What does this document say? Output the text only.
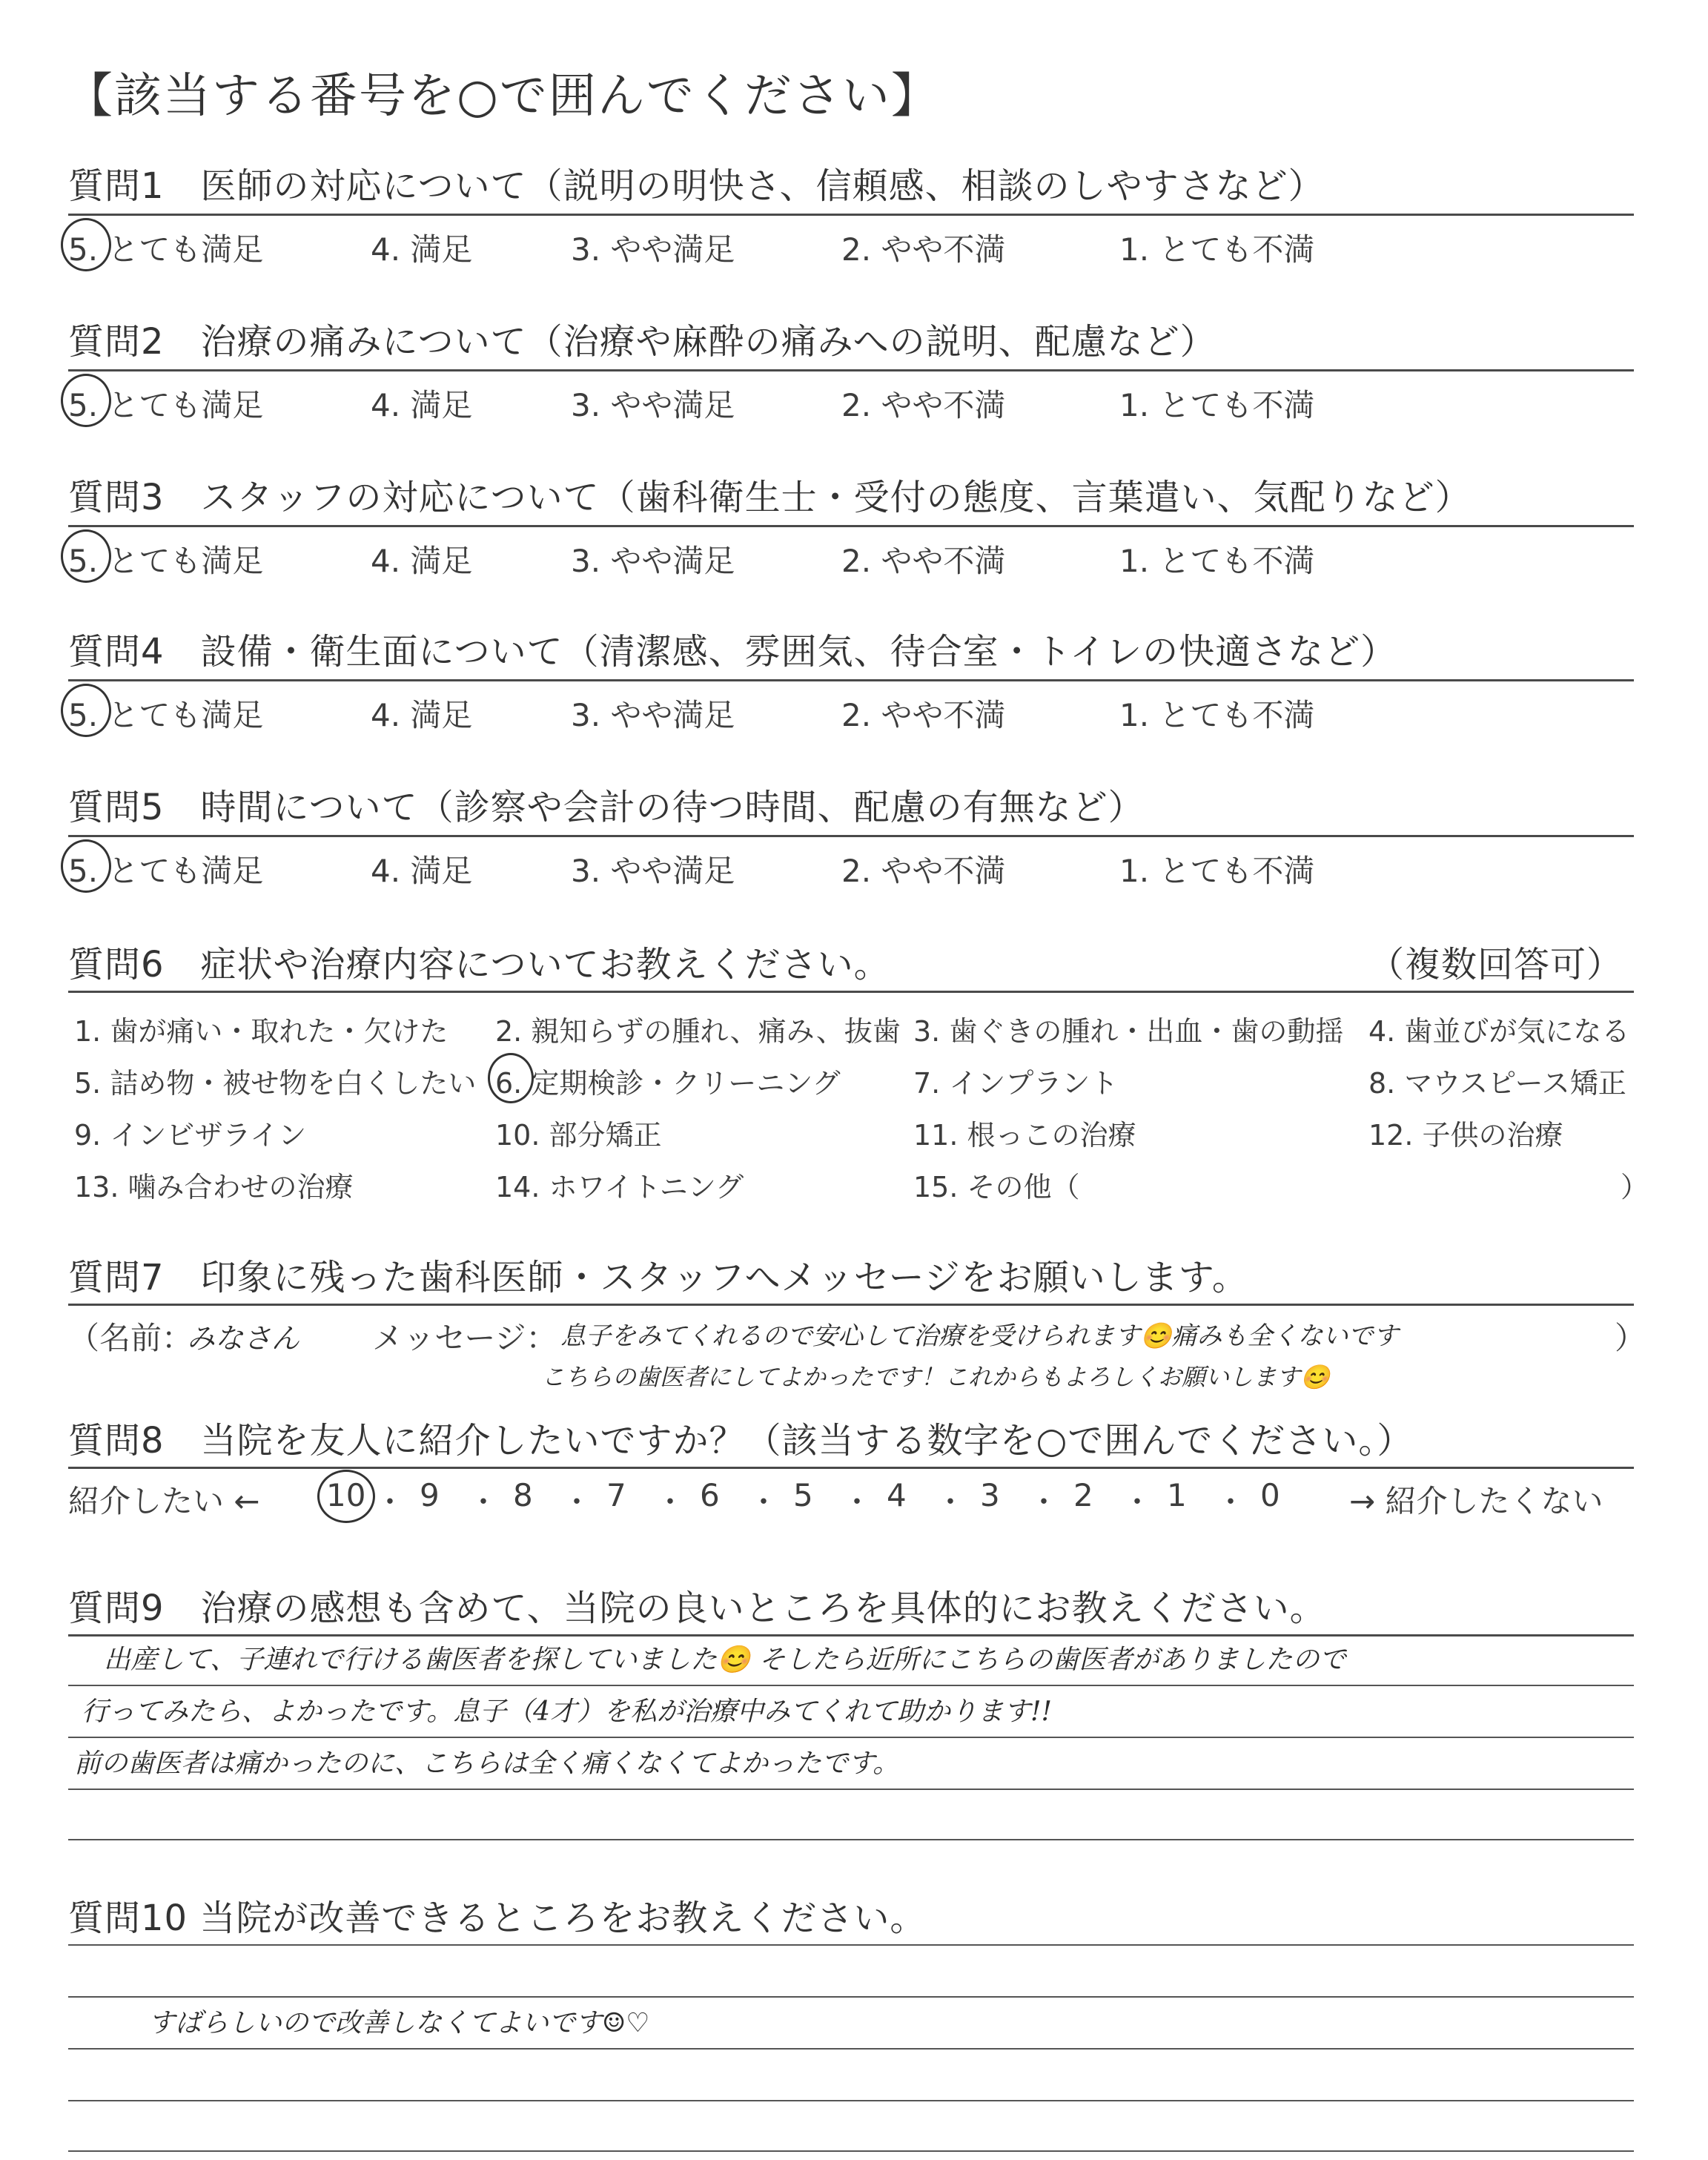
【該当する番号を○で囲んでください】
質問1　医師の対応について（説明の明快さ、信頼感、相談のしやすさなど）
5. とても満足	4. 満足	3. やや満足	2. やや不満	1. とても不満
質問2　治療の痛みについて（治療や麻酔の痛みへの説明、配慮など）
5. とても満足	4. 満足	3. やや満足	2. やや不満	1. とても不満
質問3　スタッフの対応について（歯科衛生士・受付の態度、言葉遣い、気配りなど）
5. とても満足	4. 満足	3. やや満足	2. やや不満	1. とても不満
質問4　設備・衛生面について（清潔感、雰囲気、待合室・トイレの快適さなど）
5. とても満足	4. 満足	3. やや満足	2. やや不満	1. とても不満
質問5　時間について（診察や会計の待つ時間、配慮の有無など）
5. とても満足	4. 満足	3. やや満足	2. やや不満	1. とても不満
質問6　症状や治療内容についてお教えください。	（複数回答可）
1. 歯が痛い・取れた・欠けた 2. 親知らずの腫れ、痛み、抜歯 3. 歯ぐきの腫れ・出血・歯の動揺 4. 歯並びが気になる
5. 詰め物・被せ物を白くしたい 6. 定期検診・クリーニング	7. インプラント	8. マウスピース矯正
9. インビザライン	10. 部分矯正	11. 根っこの治療	12. 子供の治療
13. 噛み合わせの治療	14. ホワイトニング	15. その他（	）
質問7　印象に残った歯科医師・スタッフへメッセージをお願いします。
（名前：
みなさん メッセージ： 息子をみてくれるので安心して治療を受けられます😊痛みも全くないです
こちらの歯医者にしてよかったです！これからもよろしくお願いします😊
）
質問8　当院を友人に紹介したいですか？（該当する数字を○で囲んでください。）
紹介したい ←	→ 紹介したくない
10 ・ 9 ・ 8 ・ 7 ・ 6 ・ 5 ・ 4 ・ 3 ・ 2 ・ 1 ・ 0
質問9　治療の感想も含めて、当院の良いところを具体的にお教えください。
出産して、子連れで行ける歯医者を探していました😊 そしたら近所にこちらの歯医者がありましたので
行ってみたら、よかったです。息子（4才）を私が治療中みてくれて助かります!!
前の歯医者は痛かったのに、こちらは全く痛くなくてよかったです。
質問10 当院が改善できるところをお教えください。
すばらしいので改善しなくてよいです☺♡
